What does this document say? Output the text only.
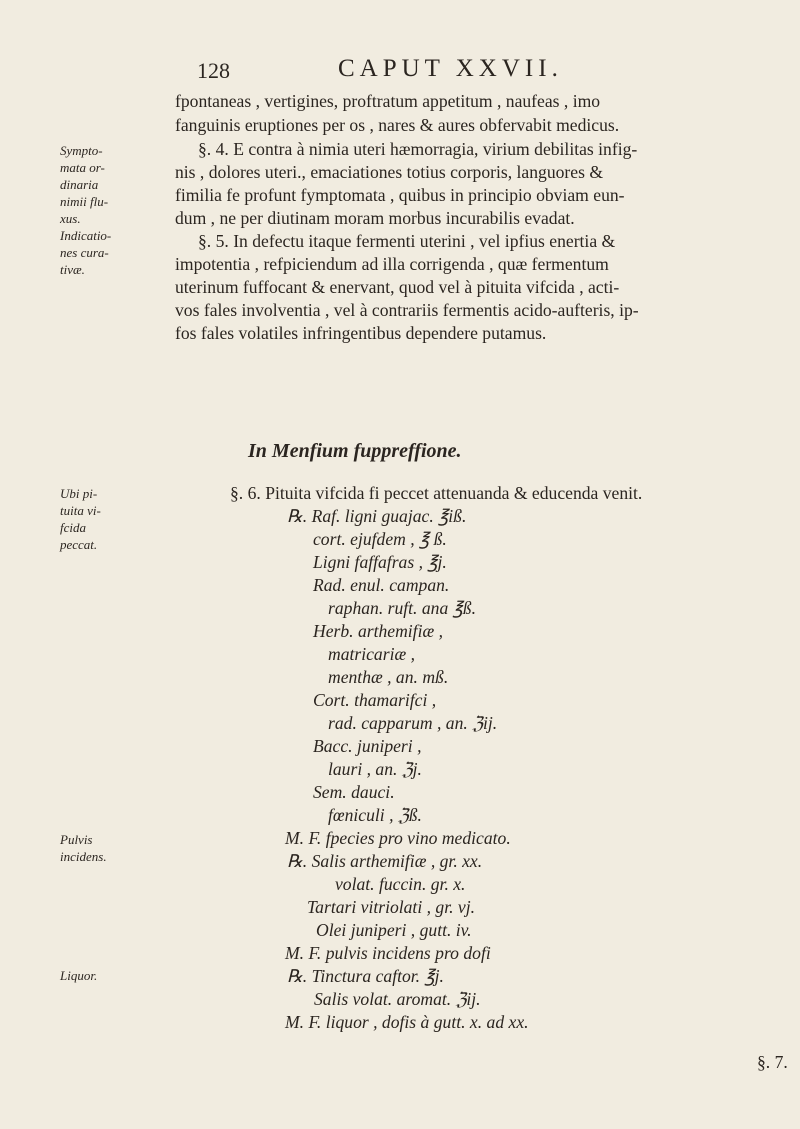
128	CAPUT XXVII.
fpontaneas , vertigines, proftratum appetitum , naufeas , imo
fanguinis eruptiones per os , nares & aures obfervabit medicus.
§. 4. E contra à nimia uteri hæmorragia, virium debilitas infig-
nis , dolores uteri., emaciationes totius corporis, languores &
fimilia fe profunt fymptomata , quibus in principio obviam eun-
dum , ne per diutinam moram morbus incurabilis evadat.
§. 5. In defectu itaque fermenti uterini , vel ipfius enertia &
impotentia , refpiciendum ad illa corrigenda , quæ fermentum
uterinum fuffocant & enervant, quod vel à pituita vifcida , acti-
vos fales involventia , vel à contrariis fermentis acido-aufteris, ip-
fos fales volatiles infringentibus dependere putamus.
Sympto-
mata or-
dinaria
nimii flu-
xus.
Indicatio-
nes cura-
tivæ.
In Menfium fuppreffione.
§. 6. Pituita vifcida fi peccet attenuanda & educenda venit.
Ubi pi-
tuita vi-
fcida
peccat.
℞. Raf. ligni guajac. ℥iß.
cort. ejufdem , ℥ ß.
Ligni faffafras , ℥j.
Rad. enul. campan.
raphan. ruft. ana ℥ß.
Herb. arthemifiæ ,
matricariæ ,
menthæ , an. mß.
Cort. thamarifci ,
rad. capparum , an. ℨij.
Bacc. juniperi ,
lauri , an. ℨj.
Sem. dauci.
fœniculi , ℨß.
M. F. fpecies pro vino medicato.
℞. Salis arthemifiæ , gr. xx.
volat. fuccin. gr. x.
Tartari vitriolati , gr. vj.
Olei juniperi , gutt. iv.
M. F. pulvis incidens pro dofi
℞. Tinctura caftor. ℥j.
Salis volat. aromat. ℨij.
M. F. liquor , dofis à gutt. x. ad xx.
Pulvis
incidens.
Liquor.
§. 7.
